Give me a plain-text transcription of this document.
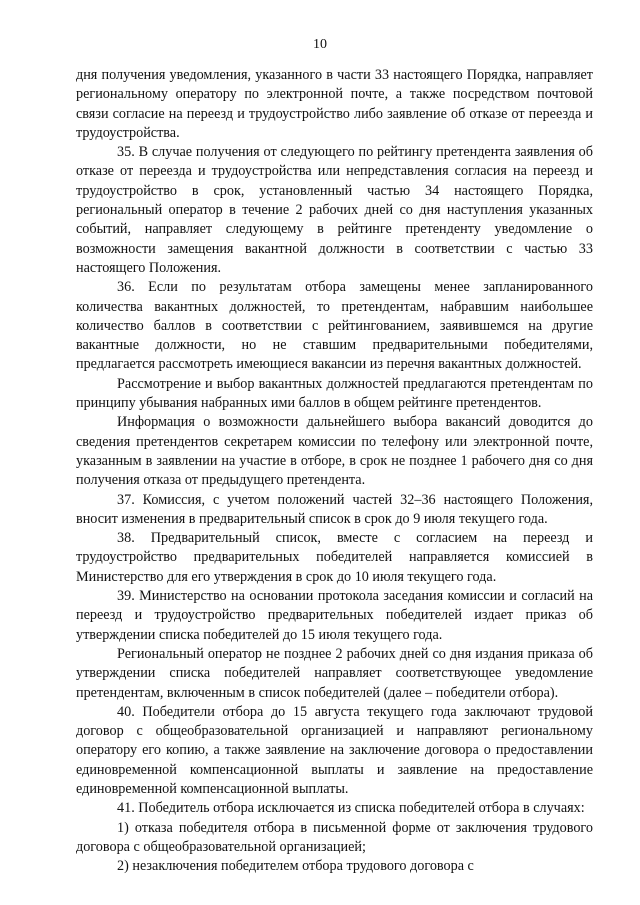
10

дня получения уведомления, указанного в части 33 настоящего Порядка, направляет региональному оператору по электронной почте, а также посредством почтовой связи согласие на переезд и трудоустройство либо заявление об отказе от переезда и трудоустройства.

35. В случае получения от следующего по рейтингу претендента заявления об отказе от переезда и трудоустройства или непредставления согласия на переезд и трудоустройство в срок, установленный частью 34 настоящего Порядка, региональный оператор в течение 2 рабочих дней со дня наступления указанных событий, направляет следующему в рейтинге претенденту уведомление о возможности замещения вакантной должности в соответствии с частью 33 настоящего Положения.

36. Если по результатам отбора замещены менее запланированного количества вакантных должностей, то претендентам, набравшим наибольшее количество баллов в соответствии с рейтингованием, заявившемся на другие вакантные должности, но не ставшим предварительными победителями, предлагается рассмотреть имеющиеся вакансии из перечня вакантных должностей.

Рассмотрение и выбор вакантных должностей предлагаются претендентам по принципу убывания набранных ими баллов в общем рейтинге претендентов.

Информация о возможности дальнейшего выбора вакансий доводится до сведения претендентов секретарем комиссии по телефону или электронной почте, указанным в заявлении на участие в отборе, в срок не позднее 1 рабочего дня со дня получения отказа от предыдущего претендента.

37. Комиссия, с учетом положений частей 32–36 настоящего Положения, вносит изменения в предварительный список в срок до 9 июля текущего года.

38. Предварительный список, вместе с согласием на переезд и трудоустройство предварительных победителей направляется комиссией в Министерство для его утверждения в срок до 10 июля текущего года.

39. Министерство на основании протокола заседания комиссии и согласий на переезд и трудоустройство предварительных победителей издает приказ об утверждении списка победителей до 15 июля текущего года.

Региональный оператор не позднее 2 рабочих дней со дня издания приказа об утверждении списка победителей направляет соответствующее уведомление претендентам, включенным в список победителей (далее – победители отбора).

40. Победители отбора до 15 августа текущего года заключают трудовой договор с общеобразовательной организацией и направляют региональному оператору его копию, а также заявление на заключение договора о предоставлении единовременной компенсационной выплаты и заявление на предоставление единовременной компенсационной выплаты.

41. Победитель отбора исключается из списка победителей отбора в случаях:

1) отказа победителя отбора в письменной форме от заключения трудового договора с общеобразовательной организацией;

2) незаключения победителем отбора трудового договора с
